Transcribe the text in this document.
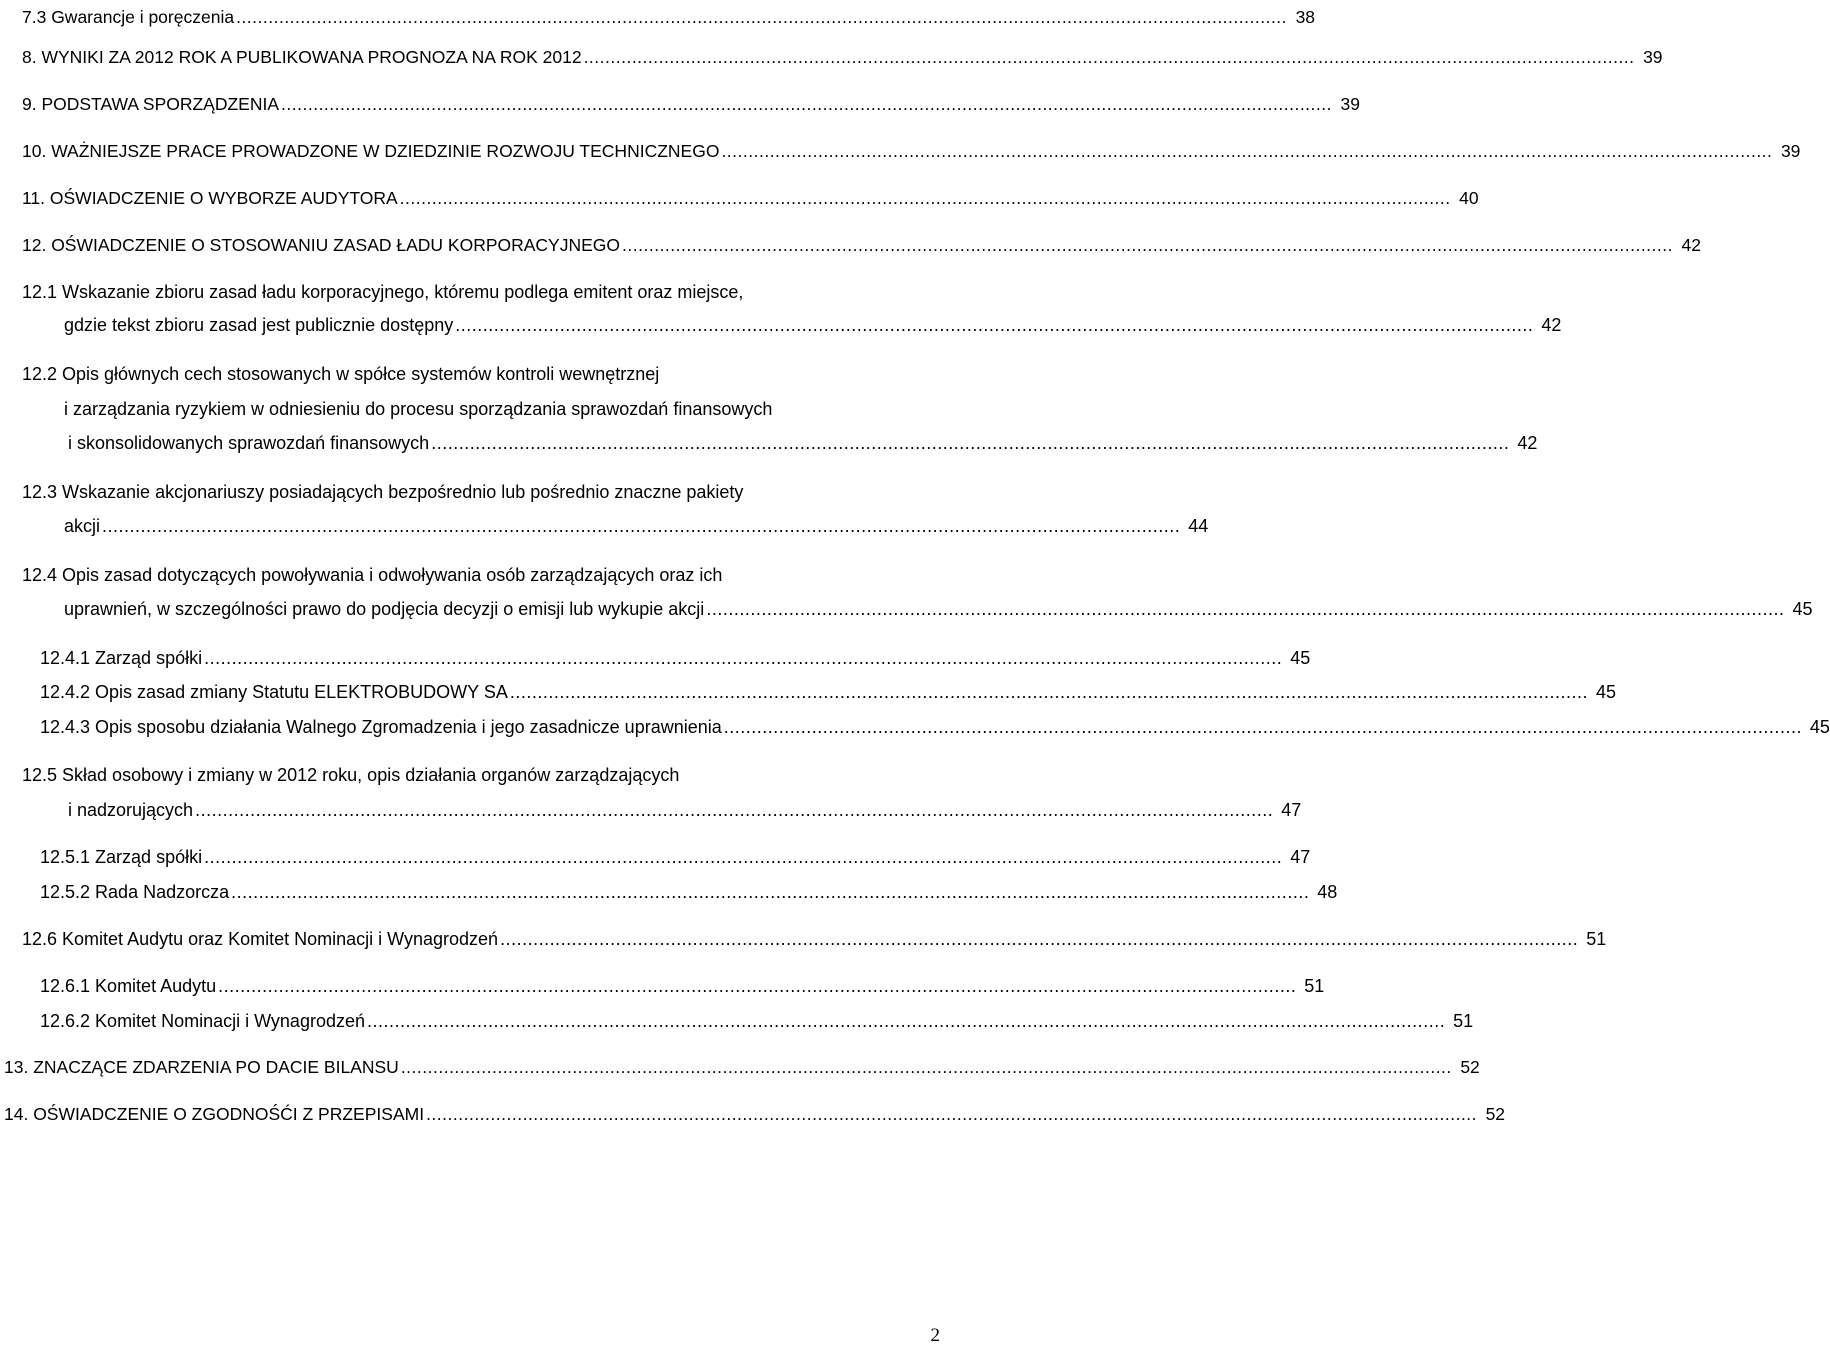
7.3 Gwarancje i poręczenia .................................................................................................................................................................................................... 38
8. WYNIKI ZA 2012 ROK A PUBLIKOWANA PROGNOZA NA ROK 2012 .................................................................................................................................................................................................... 39
9. PODSTAWA SPORZĄDZENIA .................................................................................................................................................................................................... 39
10. WAŻNIEJSZE PRACE PROWADZONE W DZIEDZINIE ROZWOJU TECHNICZNEGO .................................................................................................................................................................................................... 39
11. OŚWIADCZENIE O WYBORZE AUDYTORA .................................................................................................................................................................................................... 40
12. OŚWIADCZENIE O STOSOWANIU ZASAD ŁADU KORPORACYJNEGO .................................................................................................................................................................................................... 42
12.1 Wskazanie zbioru zasad ładu korporacyjnego, któremu podlega emitent oraz miejsce,
gdzie tekst zbioru zasad jest publicznie dostępny .................................................................................................................................................................................................... 42
12.2 Opis głównych cech stosowanych w spółce systemów kontroli wewnętrznej
i zarządzania ryzykiem w odniesieniu do procesu sporządzania sprawozdań finansowych
i skonsolidowanych sprawozdań finansowych .................................................................................................................................................................................................... 42
12.3 Wskazanie akcjonariuszy posiadających bezpośrednio lub pośrednio znaczne pakiety
akcji .................................................................................................................................................................................................... 44
12.4 Opis zasad dotyczących powoływania i odwoływania osób zarządzających oraz ich
uprawnień, w szczególności prawo do podjęcia decyzji o emisji lub wykupie akcji .................................................................................................................................................................................................... 45
12.4.1 Zarząd spółki .................................................................................................................................................................................................... 45
12.4.2 Opis zasad zmiany Statutu ELEKTROBUDOWY SA .................................................................................................................................................................................................... 45
12.4.3 Opis sposobu działania Walnego Zgromadzenia i jego zasadnicze uprawnienia .................................................................................................................................................................................................... 45
12.5 Skład osobowy i zmiany w 2012 roku, opis działania organów zarządzających
i nadzorujących .................................................................................................................................................................................................... 47
12.5.1 Zarząd spółki .................................................................................................................................................................................................... 47
12.5.2 Rada Nadzorcza .................................................................................................................................................................................................... 48
12.6 Komitet Audytu oraz Komitet Nominacji i Wynagrodzeń .................................................................................................................................................................................................... 51
12.6.1 Komitet Audytu .................................................................................................................................................................................................... 51
12.6.2 Komitet Nominacji i Wynagrodzeń .................................................................................................................................................................................................... 51
13. ZNACZĄCE ZDARZENIA PO DACIE BILANSU .................................................................................................................................................................................................... 52
14. OŚWIADCZENIE O ZGODNOŚĆI Z PRZEPISAMI .................................................................................................................................................................................................... 52
2
